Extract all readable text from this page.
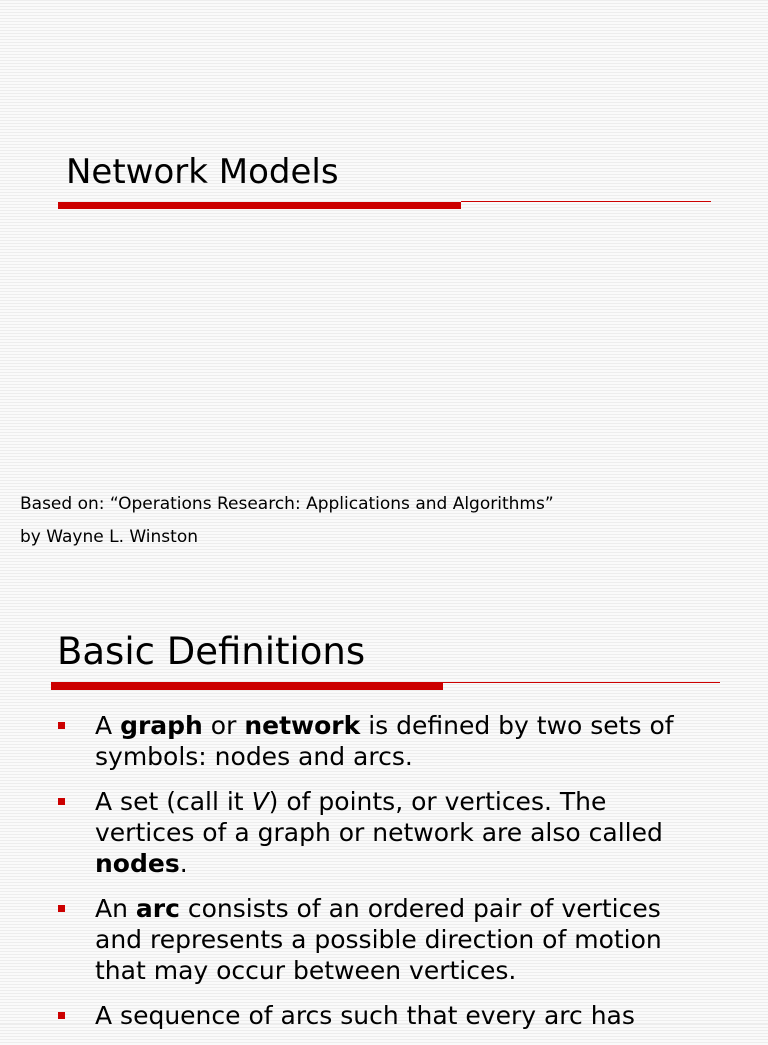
Network Models
Based on: “Operations Research: Applications and Algorithms”
by Wayne L. Winston
Basic Definitions
A graph or network is defined by two sets of symbols: nodes and arcs.
A set (call it V) of points, or vertices. The vertices of a graph or network are also called nodes.
An arc consists of an ordered pair of vertices and represents a possible direction of motion that may occur between vertices.
A sequence of arcs such that every arc has
